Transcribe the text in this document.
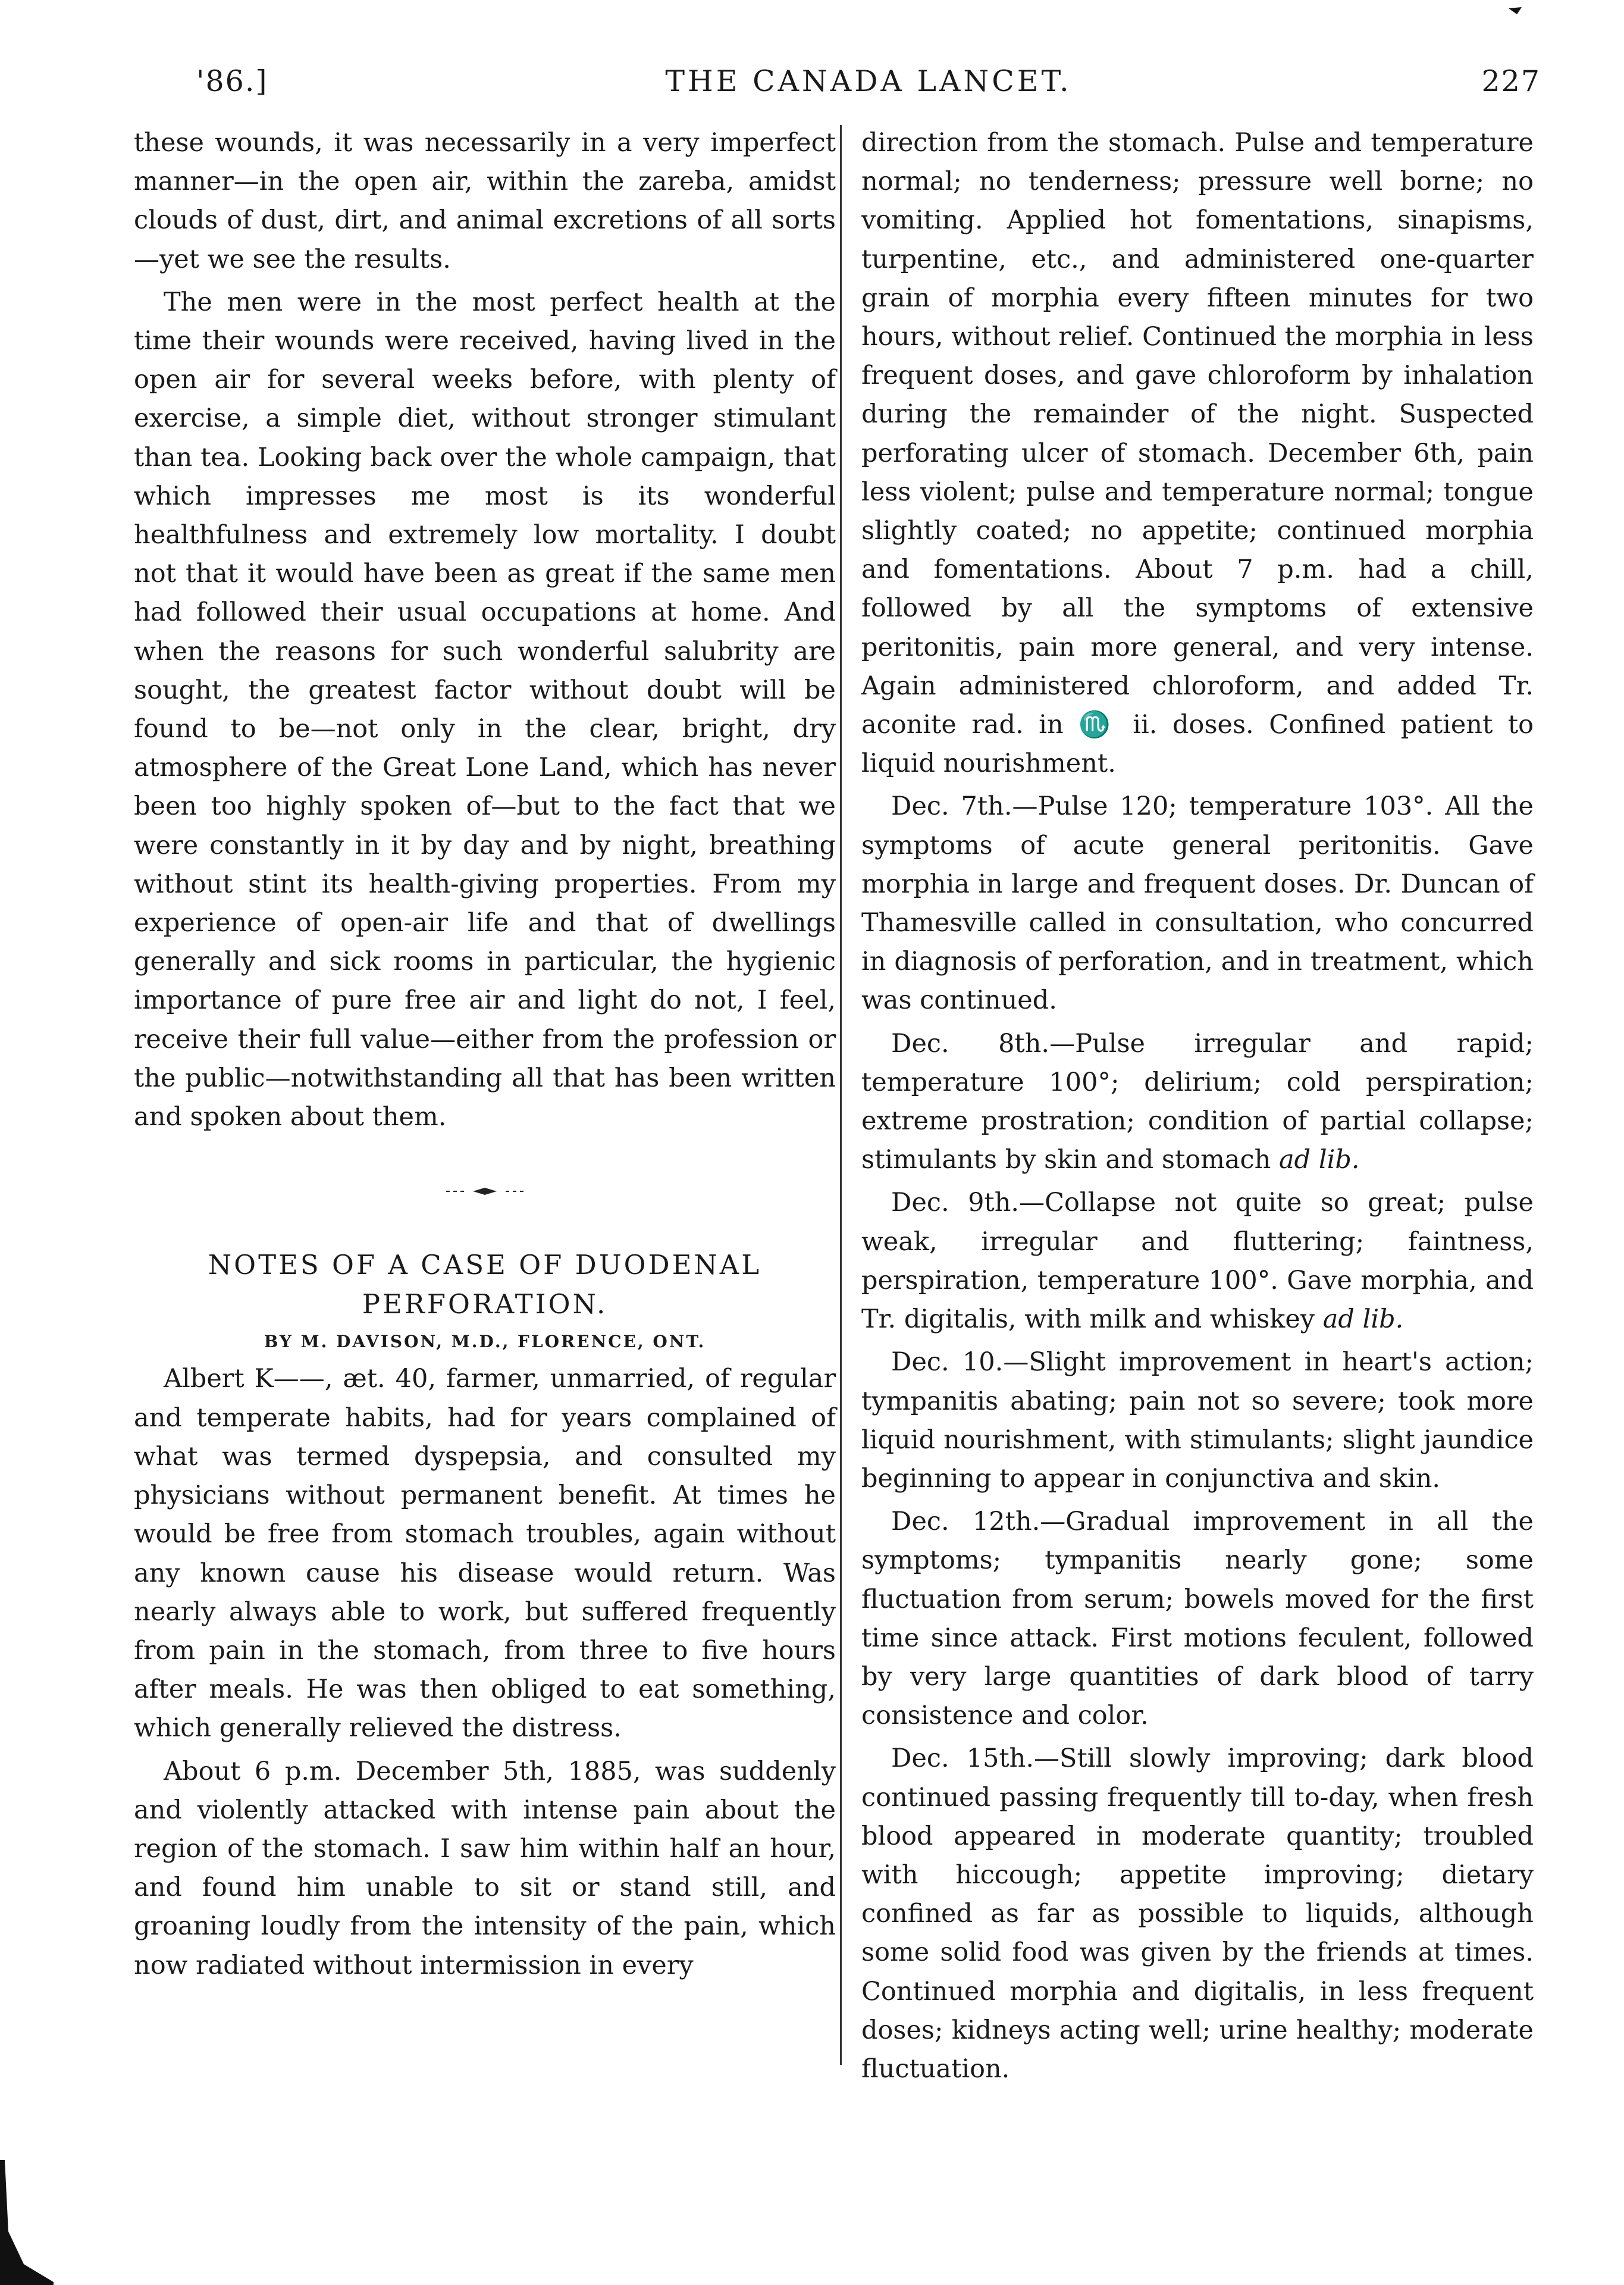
THE CANADA LANCET.
'86.]	227

these wounds, it was necessarily in a very imperfect manner—in the open air, within the zareba, amidst clouds of dust, dirt, and animal excretions of all sorts—yet we see the results.

The men were in the most perfect health at the time their wounds were received, having lived in the open air for several weeks before, with plenty of exercise, a simple diet, without stronger stimulant than tea. Looking back over the whole campaign, that which impresses me most is its wonderful healthfulness and extremely low mortality. I doubt not that it would have been as great if the same men had followed their usual occupations at home. And when the reasons for such wonderful salubrity are sought, the greatest factor without doubt will be found to be—not only in the clear, bright, dry atmosphere of the Great Lone Land, which has never been too highly spoken of—but to the fact that we were constantly in it by day and by night, breathing without stint its health-giving properties. From my experience of open-air life and that of dwellings generally and sick rooms in particular, the hygienic importance of pure free air and light do not, I feel, receive their full value—either from the profession or the public—notwithstanding all that has been written and spoken about them.

NOTES OF A CASE OF DUODENAL

PERFORATION.

BY M. DAVISON, M.D., FLORENCE, ONT.

Albert K——, æt. 40, farmer, unmarried, of regular and temperate habits, had for years complained of what was termed dyspepsia, and consulted my physicians without permanent benefit. At times he would be free from stomach troubles, again without any known cause his disease would return. Was nearly always able to work, but suffered frequently from pain in the stomach, from three to five hours after meals. He was then obliged to eat something, which generally relieved the distress.

About 6 p.m. December 5th, 1885, was suddenly and violently attacked with intense pain about the region of the stomach. I saw him within half an hour, and found him unable to sit or stand still, and groaning loudly from the intensity of the pain, which now radiated without intermission in every

direction from the stomach. Pulse and temperature normal; no tenderness; pressure well borne; no vomiting. Applied hot fomentations, sinapisms, turpentine, etc., and administered one-quarter grain of morphia every fifteen minutes for two hours, without relief. Continued the morphia in less frequent doses, and gave chloroform by inhalation during the remainder of the night. Suspected perforating ulcer of stomach. December 6th, pain less violent; pulse and temperature normal; tongue slightly coated; no appetite; continued morphia and fomentations. About 7 p.m. had a chill, followed by all the symptoms of extensive peritonitis, pain more general, and very intense. Again administered chloroform, and added Tr. aconite rad. in ♏ ii. doses. Confined patient to liquid nourishment.

Dec. 7th.—Pulse 120; temperature 103°. All the symptoms of acute general peritonitis. Gave morphia in large and frequent doses. Dr. Duncan of Thamesville called in consultation, who concurred in diagnosis of perforation, and in treatment, which was continued.

Dec. 8th.—Pulse irregular and rapid; temperature 100°; delirium; cold perspiration; extreme prostration; condition of partial collapse; stimulants by skin and stomach ad lib.

Dec. 9th.—Collapse not quite so great; pulse weak, irregular and fluttering; faintness, perspiration, temperature 100°. Gave morphia, and Tr. digitalis, with milk and whiskey ad lib.

Dec. 10.—Slight improvement in heart's action; tympanitis abating; pain not so severe; took more liquid nourishment, with stimulants; slight jaundice beginning to appear in conjunctiva and skin.

Dec. 12th.—Gradual improvement in all the symptoms; tympanitis nearly gone; some fluctuation from serum; bowels moved for the first time since attack. First motions feculent, followed by very large quantities of dark blood of tarry consistence and color.

Dec. 15th.—Still slowly improving; dark blood continued passing frequently till to-day, when fresh blood appeared in moderate quantity; troubled with hiccough; appetite improving; dietary confined as far as possible to liquids, although some solid food was given by the friends at times. Continued morphia and digitalis, in less frequent doses; kidneys acting well; urine healthy; moderate fluctuation.
